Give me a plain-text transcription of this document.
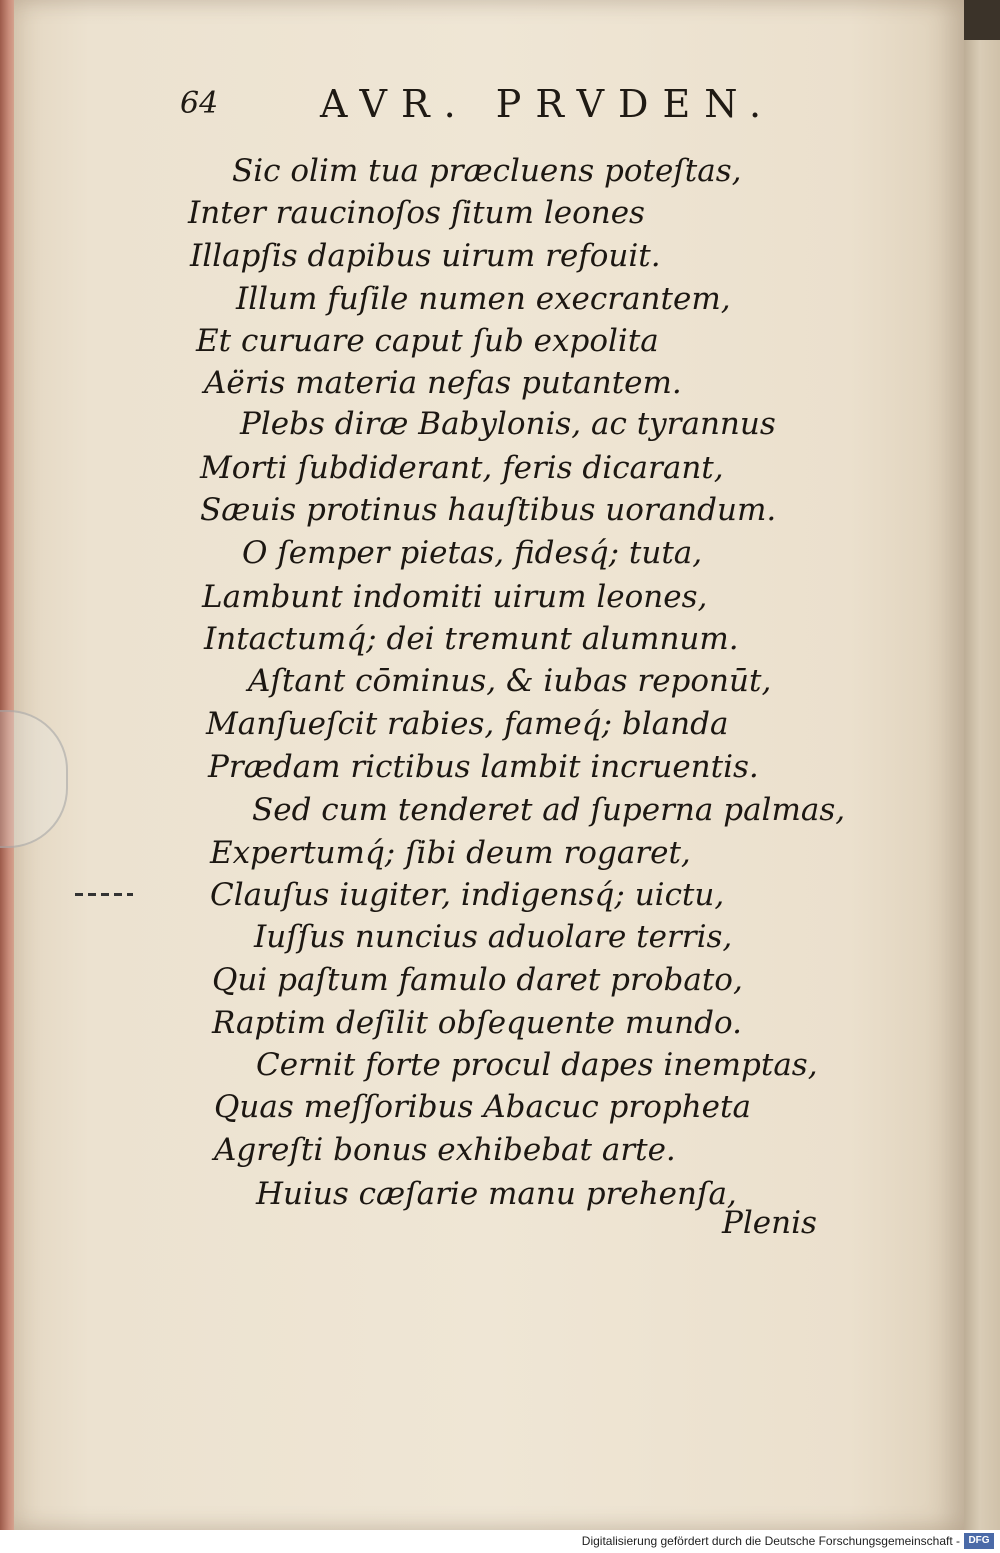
64	AVR. PRVDEN.
Sic olim tua præcluens poteſtas,
Inter raucinoſos ſitum leones
Illapſis dapibus uirum refouit.
Illum fuſile numen execrantem,
Et curuare caput ſub expolita
Aëris materia nefas putantem.
Plebs diræ Babylonis, ac tyrannus
Morti ſubdiderant, feris dicarant,
Sæuis protinus hauſtibus uorandum.
O ſemper pietas, fidesq́; tuta,
Lambunt indomiti uirum leones,
Intactumq́; dei tremunt alumnum.
Aſtant cōminus, & iubas reponūt,
Manſueſcit rabies, fameq́; blanda
Prædam rictibus lambit incruentis.
Sed cum tenderet ad ſuperna palmas,
Expertumq́; ſibi deum rogaret,
Clauſus iugiter, indigensq́; uictu,
Iuſſus nuncius aduolare terris,
Qui paſtum famulo daret probato,
Raptim deſilit obſequente mundo.
Cernit forte procul dapes inemptas,
Quas meſſoribus Abacuc propheta
Agreſti bonus exhibebat arte.
Huius cæſarie manu prehenſa,
Plenis
Digitalisierung gefördert durch die Deutsche Forschungsgemeinschaft - DFG
